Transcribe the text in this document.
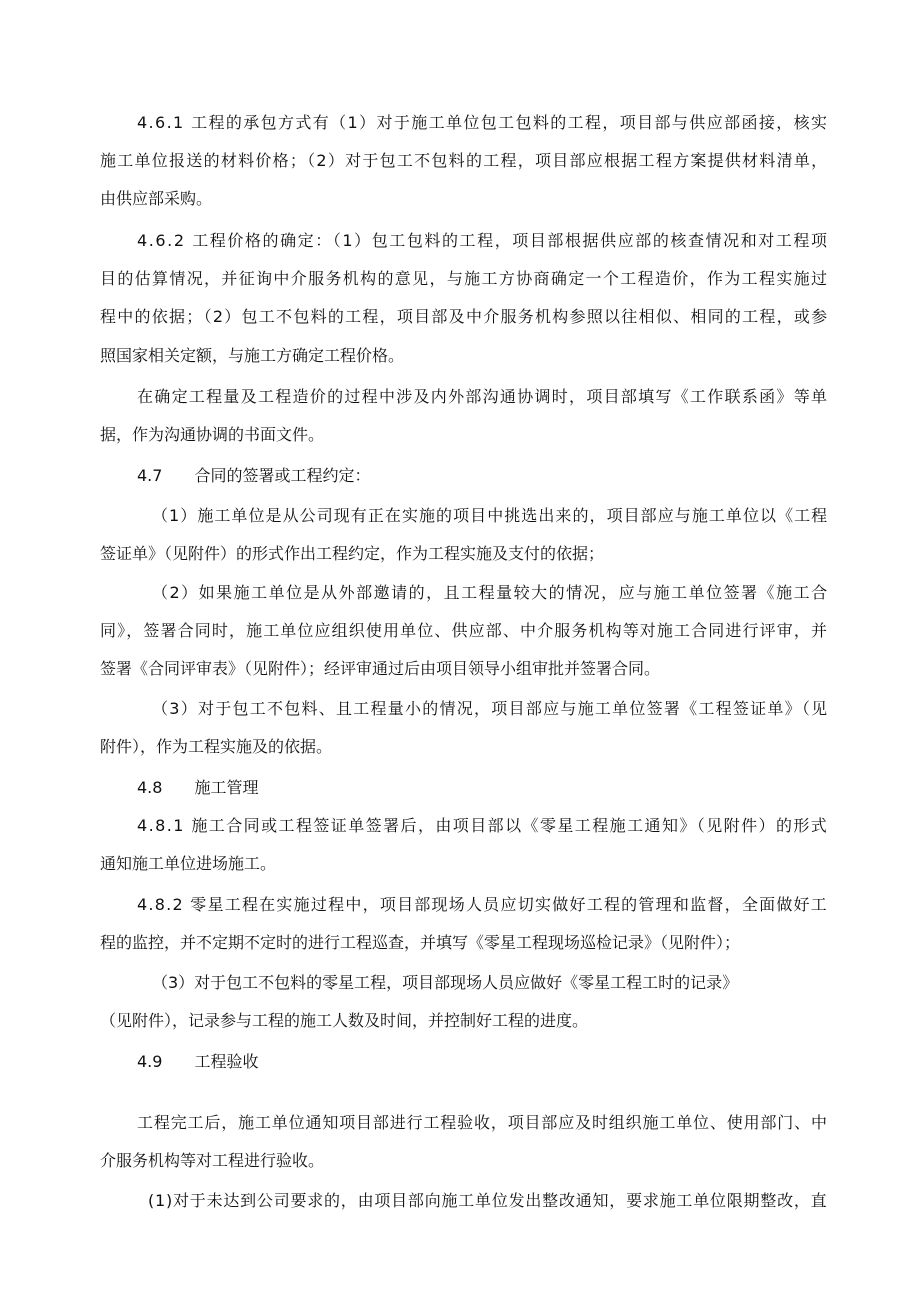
4.6.1 工程的承包方式有（1）对于施工单位包工包料的工程，项目部与供应部函接，核实
施工单位报送的材料价格；（2）对于包工不包料的工程，项目部应根据工程方案提供材料清单，
由供应部采购。
4.6.2 工程价格的确定：（1）包工包料的工程，项目部根据供应部的核查情况和对工程项
目的估算情况，并征询中介服务机构的意见，与施工方协商确定一个工程造价，作为工程实施过
程中的依据；（2）包工不包料的工程，项目部及中介服务机构参照以往相似、相同的工程，或参
照国家相关定额，与施工方确定工程价格。
在确定工程量及工程造价的过程中涉及内外部沟通协调时，项目部填写《工作联系函》等单
据，作为沟通协调的书面文件。
4.7　　合同的签署或工程约定：
（1）施工单位是从公司现有正在实施的项目中挑选出来的，项目部应与施工单位以《工程
签证单》（见附件）的形式作出工程约定，作为工程实施及支付的依据；
（2）如果施工单位是从外部邀请的，且工程量较大的情况，应与施工单位签署《施工合
同》，签署合同时，施工单位应组织使用单位、供应部、中介服务机构等对施工合同进行评审，并
签署《合同评审表》（见附件）；经评审通过后由项目领导小组审批并签署合同。
（3）对于包工不包料、且工程量小的情况，项目部应与施工单位签署《工程签证单》（见
附件），作为工程实施及的依据。
4.8　　施工管理
4.8.1 施工合同或工程签证单签署后，由项目部以《零星工程施工通知》（见附件）的形式
通知施工单位进场施工。
4.8.2 零星工程在实施过程中，项目部现场人员应切实做好工程的管理和监督，全面做好工
程的监控，并不定期不定时的进行工程巡查，并填写《零星工程现场巡检记录》（见附件）；
（3）对于包工不包料的零星工程，项目部现场人员应做好《零星工程工时的记录》
（见附件），记录参与工程的施工人数及时间，并控制好工程的进度。
4.9　　工程验收
工程完工后，施工单位通知项目部进行工程验收，项目部应及时组织施工单位、使用部门、中
介服务机构等对工程进行验收。
(1)对于未达到公司要求的，由项目部向施工单位发出整改通知，要求施工单位限期整改，直
